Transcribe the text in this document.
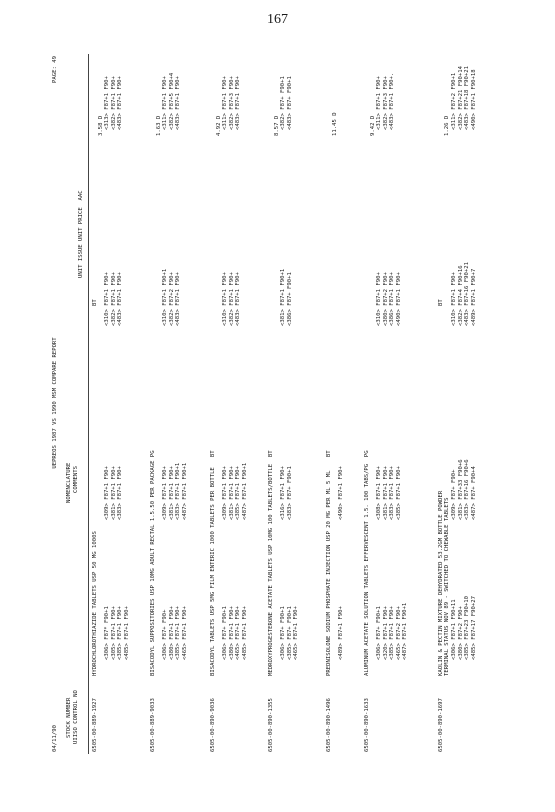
167
04/11/90
UEPREOS 1987 VS 1990 MSM COMPARE REPORT
PAGE: 49
STOCK NUMBER UIISO CONTROL NO
NOMENCLATURE COMMENTS
UNIT ISSUE UNIT PRICE  AAC
6505-00-889-1927
HYDROCHLOROTHIAZIDE TABLETS USP 50 MG 1000S
BT
3.58 D
<306> F87* F90+1 <305> F87+1 F90+ <385> F87+1 F90+ <485> F87+1 F90+
<309> F87+1 F90+ <381> F87+1 F90+ <383> F87+1 F90+
<310> F87+1 F90+ <382> F87+1 F90+ <483> F87+1 F90+
<313> F87+1 F90+ <382> F87+1 F90+ <483> F87+1 F90+
6505-00-889-9033
BISACODYL SUPPOSITORIES USP 10MG ADULT RECTAL 1.5.50 PER PACKAGE PG
1.63 D
<306> F87+ F90+ <380> F87+1 F90+ <385> F87+1 F90+ <465> F87+1 F90+
<309> F87+1 F90+ <381> F87+1 F90+ <383> F87+1 F90+1 <487> F87+1 F90+1
<310> F87+1 F90+1 <382> F87+2 F90+ <483> F87+1 F90+
<311> F87+1 F90+ <382> F87+5 F90+4 <483> F87+1 F90+
6505-00-890-9036
BISACODYL TABLETS USP 5MG FILM ENTERIC 1000 TABLETS PER BOTTLE   BT
4.92 D
<306> F87+ F90+1 <380> F87+1 F90+ <465> F87+1 F90+ <485> F87+1 F90+
<309> F87+1 F90+ <381> F87+1 F90+ <385> F87+1 F90+ <487> F87+1 F90+1
<310> F87+1 F90+ <382> F87+1 F90+ <483> F87+1 F90+
<311> F87+1 F90+ <382> F87+3 F90+ <483> F87+1 F90+
6505-00-890-1355
MEDROXYPROGESTERONE ACETATE TABLETS USP 10MG 100 TABLETS/BOTTLE  BT
8.57 D
<306> F87+ F90+1 <385> F87+ F90+1 <465> F87+1 F90+
<316> F87+1 F90+ <383> F87+ F90+1
<381> F87+1 F90+1 <386> F87+ F90+1
<382> F87+ F90+1 <483> F87+ F90+1
6505-00-890-1496
PREDNISOLONE SODIUM PHOSPHATE INJECTION USP 20 MG PER ML 5 ML    BT
11.45 D
<489> F87+1 F90+
<490> F87+1 F90+
6505-00-890-1633
ALUMINUM ACETATE SOLUTION TABLETS EFFERVESCENT 1.5. 100 TABS/PG  PG
9.42 D
<306> F87+ F90+1 <320> F87+1 F90+ <385> F87+1 F90+ <465> F87+2 F90+ <487> F87+1 F90+1
<308> F87+1 F90+ <381> F87+1 F90+ <383> F87+1 F90+ <385> F87+1 F90+
<310> F87+1 F90+ <380> F87+2 F90+ <386> F87+1 F90+ <490> F87+1 F90+
<311> F87+1 F90+ <382> F87+3 F90+ <483> F87+1 F90+.
6505-00-890-1697
KAOLIN & PECTIN MIXTURE DEHYDRATED 53.2GM BOTTLE POWDER
BT
1.26 D
TERMINAL STATUS NOV 89 - SWITCHED TO CHEWABLE TABLETS <306> F87+1 F90+11 <380> F87+2 F90+ <385> F87+23 F90+10 <485> F87+17 F90+27
<309> F87+ F90+ <381> F87+33 F90+6 <383> F87+16 F90+6 <487> F87+ F90+4
<310> F87+1 F90+ <382> F87+4 F90+16 <483> F87+16 F90+21 <489> F87+1 F90+7
<311> F87+2 F90+1 <382> F87+21 F90+14 <483> F87+18 F90+21 <490> F87+1 F90+18
